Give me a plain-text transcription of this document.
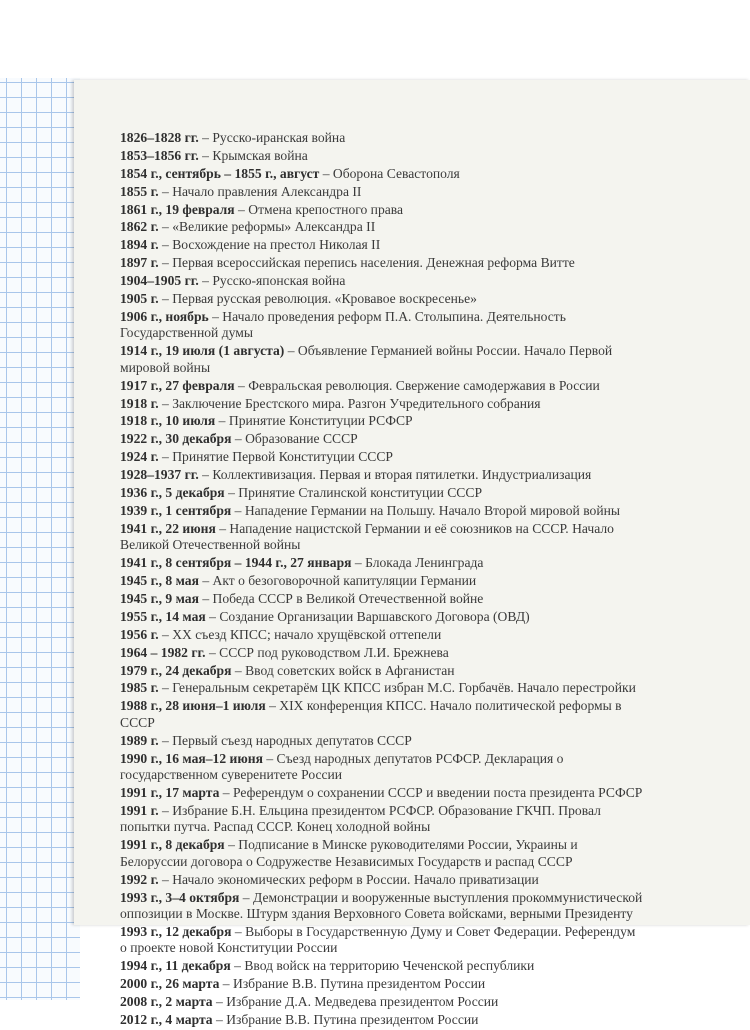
1826–1828 гг. – Русско-иранская война
1853–1856 гг. – Крымская война
1854 г., сентябрь – 1855 г., август – Оборона Севастополя
1855 г. – Начало правления Александра II
1861 г., 19 февраля – Отмена крепостного права
1862 г. – «Великие реформы» Александра II
1894 г. – Восхождение на престол Николая II
1897 г. – Первая всероссийская перепись населения. Денежная реформа Витте
1904–1905 гг. – Русско-японская война
1905 г. – Первая русская революция. «Кровавое воскресенье»
1906 г., ноябрь – Начало проведения реформ П.А. Столыпина. Деятельность Государственной думы
1914 г., 19 июля (1 августа) – Объявление Германией войны России. Начало Первой мировой войны
1917 г., 27 февраля – Февральская революция. Свержение самодержавия в России
1918 г. – Заключение Брестского мира. Разгон Учредительного собрания
1918 г., 10 июля – Принятие Конституции РСФСР
1922 г., 30 декабря – Образование СССР
1924 г. – Принятие Первой Конституции СССР
1928–1937 гг. – Коллективизация. Первая и вторая пятилетки. Индустриализация
1936 г., 5 декабря – Принятие Сталинской конституции СССР
1939 г., 1 сентября – Нападение Германии на Польшу. Начало Второй мировой войны
1941 г., 22 июня – Нападение нацистской Германии и её союзников на СССР. Начало Великой Отечественной войны
1941 г., 8 сентября – 1944 г., 27 января – Блокада Ленинграда
1945 г., 8 мая – Акт о безоговорочной капитуляции Германии
1945 г., 9 мая – Победа СССР в Великой Отечественной войне
1955 г., 14 мая – Создание Организации Варшавского Договора (ОВД)
1956 г. – XX съезд КПСС; начало хрущёвской оттепели
1964 – 1982 гг. – СССР под руководством Л.И. Брежнева
1979 г., 24 декабря – Ввод советских войск в Афганистан
1985 г. – Генеральным секретарём ЦК КПСС избран М.С. Горбачёв. Начало перестройки
1988 г., 28 июня–1 июля – XIX конференция КПСС. Начало политической реформы в СССР
1989 г. – Первый съезд народных депутатов СССР
1990 г., 16 мая–12 июня – Съезд народных депутатов РСФСР. Декларация о государственном суверенитете России
1991 г., 17 марта – Референдум о сохранении СССР и введении поста президента РСФСР
1991 г. – Избрание Б.Н. Ельцина президентом РСФСР. Образование ГКЧП. Провал попытки путча. Распад СССР. Конец холодной войны
1991 г., 8 декабря – Подписание в Минске руководителями России, Украины и Белоруссии договора о Содружестве Независимых Государств и распад СССР
1992 г. – Начало экономических реформ в России. Начало приватизации
1993 г., 3–4 октября – Демонстрации и вооруженные выступления прокоммунистической оппозиции в Москве. Штурм здания Верховного Совета войсками, верными Президенту
1993 г., 12 декабря – Выборы в Государственную Думу и Совет Федерации. Референдум о проекте новой Конституции России
1994 г., 11 декабря – Ввод войск на территорию Чеченской республики
2000 г., 26 марта – Избрание В.В. Путина президентом России
2008 г., 2 марта – Избрание Д.А. Медведева президентом России
2012 г., 4 марта – Избрание В.В. Путина президентом России
